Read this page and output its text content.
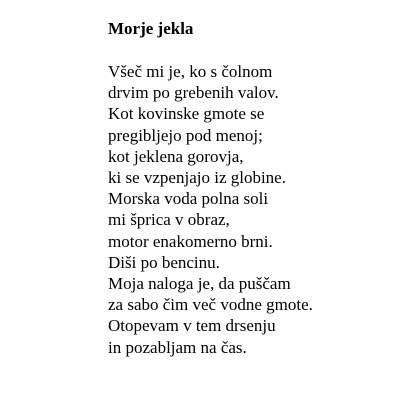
Morje jekla
Všeč mi je, ko s čolnom
drvim po grebenih valov.
Kot kovinske gmote se
pregibljejo pod menoj;
kot jeklena gorovja,
ki se vzpenjajo iz globine.
Morska voda polna soli
mi šprica v obraz,
motor enakomerno brni.
Diši po bencinu.
Moja naloga je, da puščam
za sabo čim več vodne gmote.
Otopevam v tem drsenju
in pozabljam na čas.
